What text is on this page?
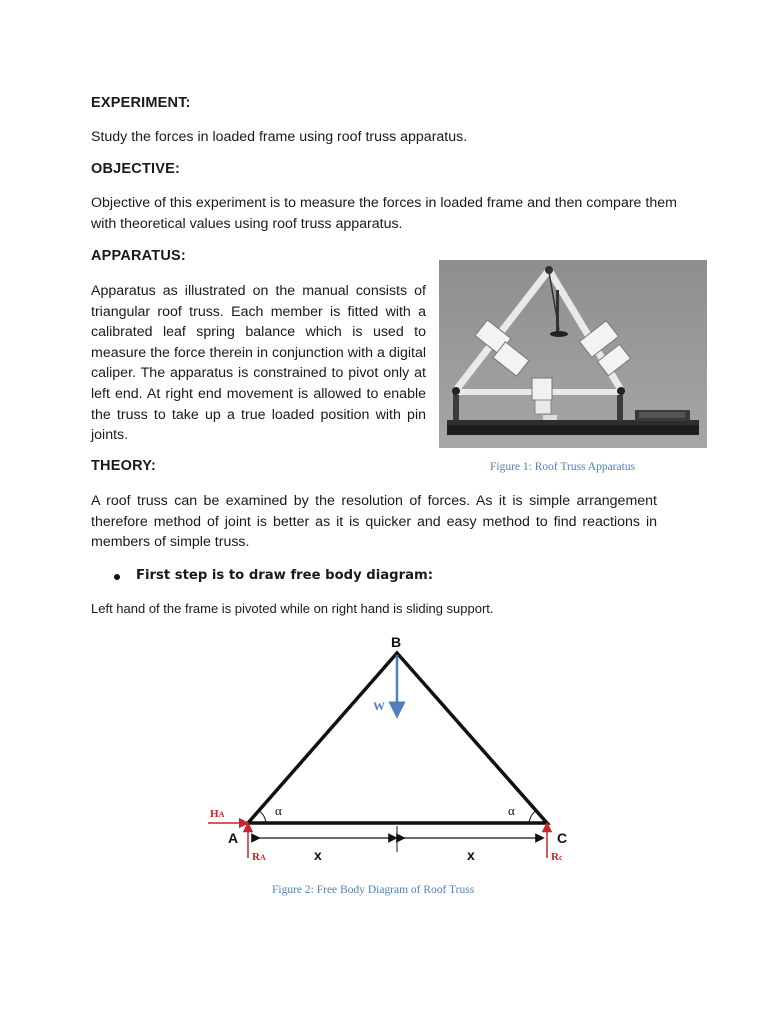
EXPERIMENT:
Study the forces in loaded frame using roof truss apparatus.
OBJECTIVE:
Objective of this experiment is to measure the forces in loaded frame and then compare them with theoretical values using roof truss apparatus.
APPARATUS:
Apparatus as illustrated on the manual consists of triangular roof truss. Each member is fitted with a calibrated leaf spring balance which is used to measure the force therein in conjunction with a digital caliper. The apparatus is constrained to pivot only at left end. At right end movement is allowed to enable the truss to take up a true loaded position with pin joints.
Figure 1: Roof Truss Apparatus
THEORY:
A roof truss can be examined by the resolution of forces. As it is simple arrangement therefore method of joint is better as it is quicker and easy method to find reactions in members of simple truss.
First step is to draw free body diagram:
Left hand of the frame is pivoted while on right hand is sliding support.
W
B
A	C
α	α
HA
RA	Rc
x	x
Figure 2: Free Body Diagram of Roof Truss
